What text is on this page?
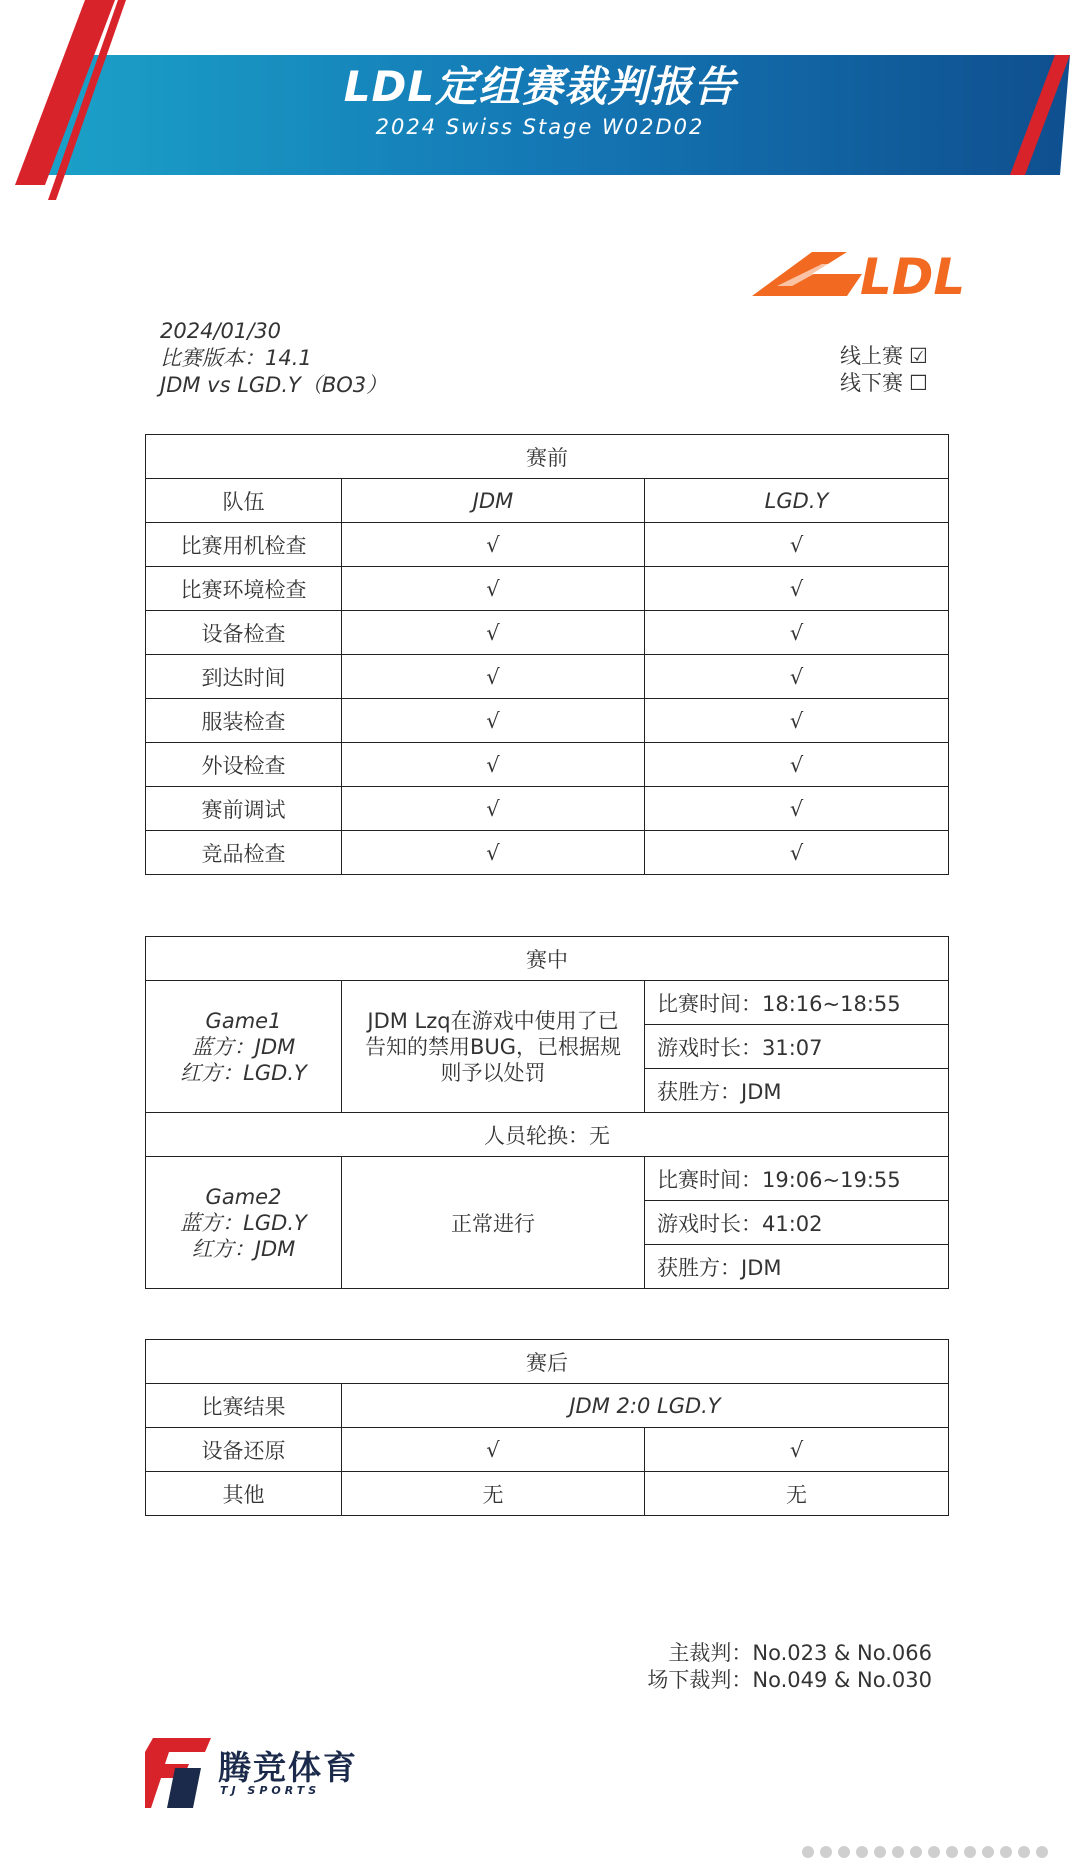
LDL定组赛裁判报告
2024 Swiss Stage W02D02
LDL
2024/01/30
比赛版本：14.1
JDM vs LGD.Y（BO3）
线上赛 ☑
线下赛 ☐
赛前		
队伍	JDM	LGD.Y
比赛用机检查	√	√
比赛环境检查	√	√
设备检查	√	√
到达时间	√	√
服装检查	√	√
外设检查	√	√
赛前调试	√	√
竞品检查	√	√
赛中		

Game1
蓝方：JDM
红方：LGD.Y	JDM Lzq在游戏中使用了已告知的禁用BUG，已根据规则予以处罚	比赛时间：18:16~18:55
		游戏时长：31:07
		获胜方：JDM
人员轮换：无		

Game2
蓝方：LGD.Y
红方：JDM	正常进行	比赛时间：19:06~19:55
		游戏时长：41:02
		获胜方：JDM
赛后		
比赛结果	JDM 2:0 LGD.Y	
设备还原	√	√
其他	无	无
主裁判：No.023 & No.066
场下裁判：No.049 & No.030
腾竞体育
TJ SPORTS
